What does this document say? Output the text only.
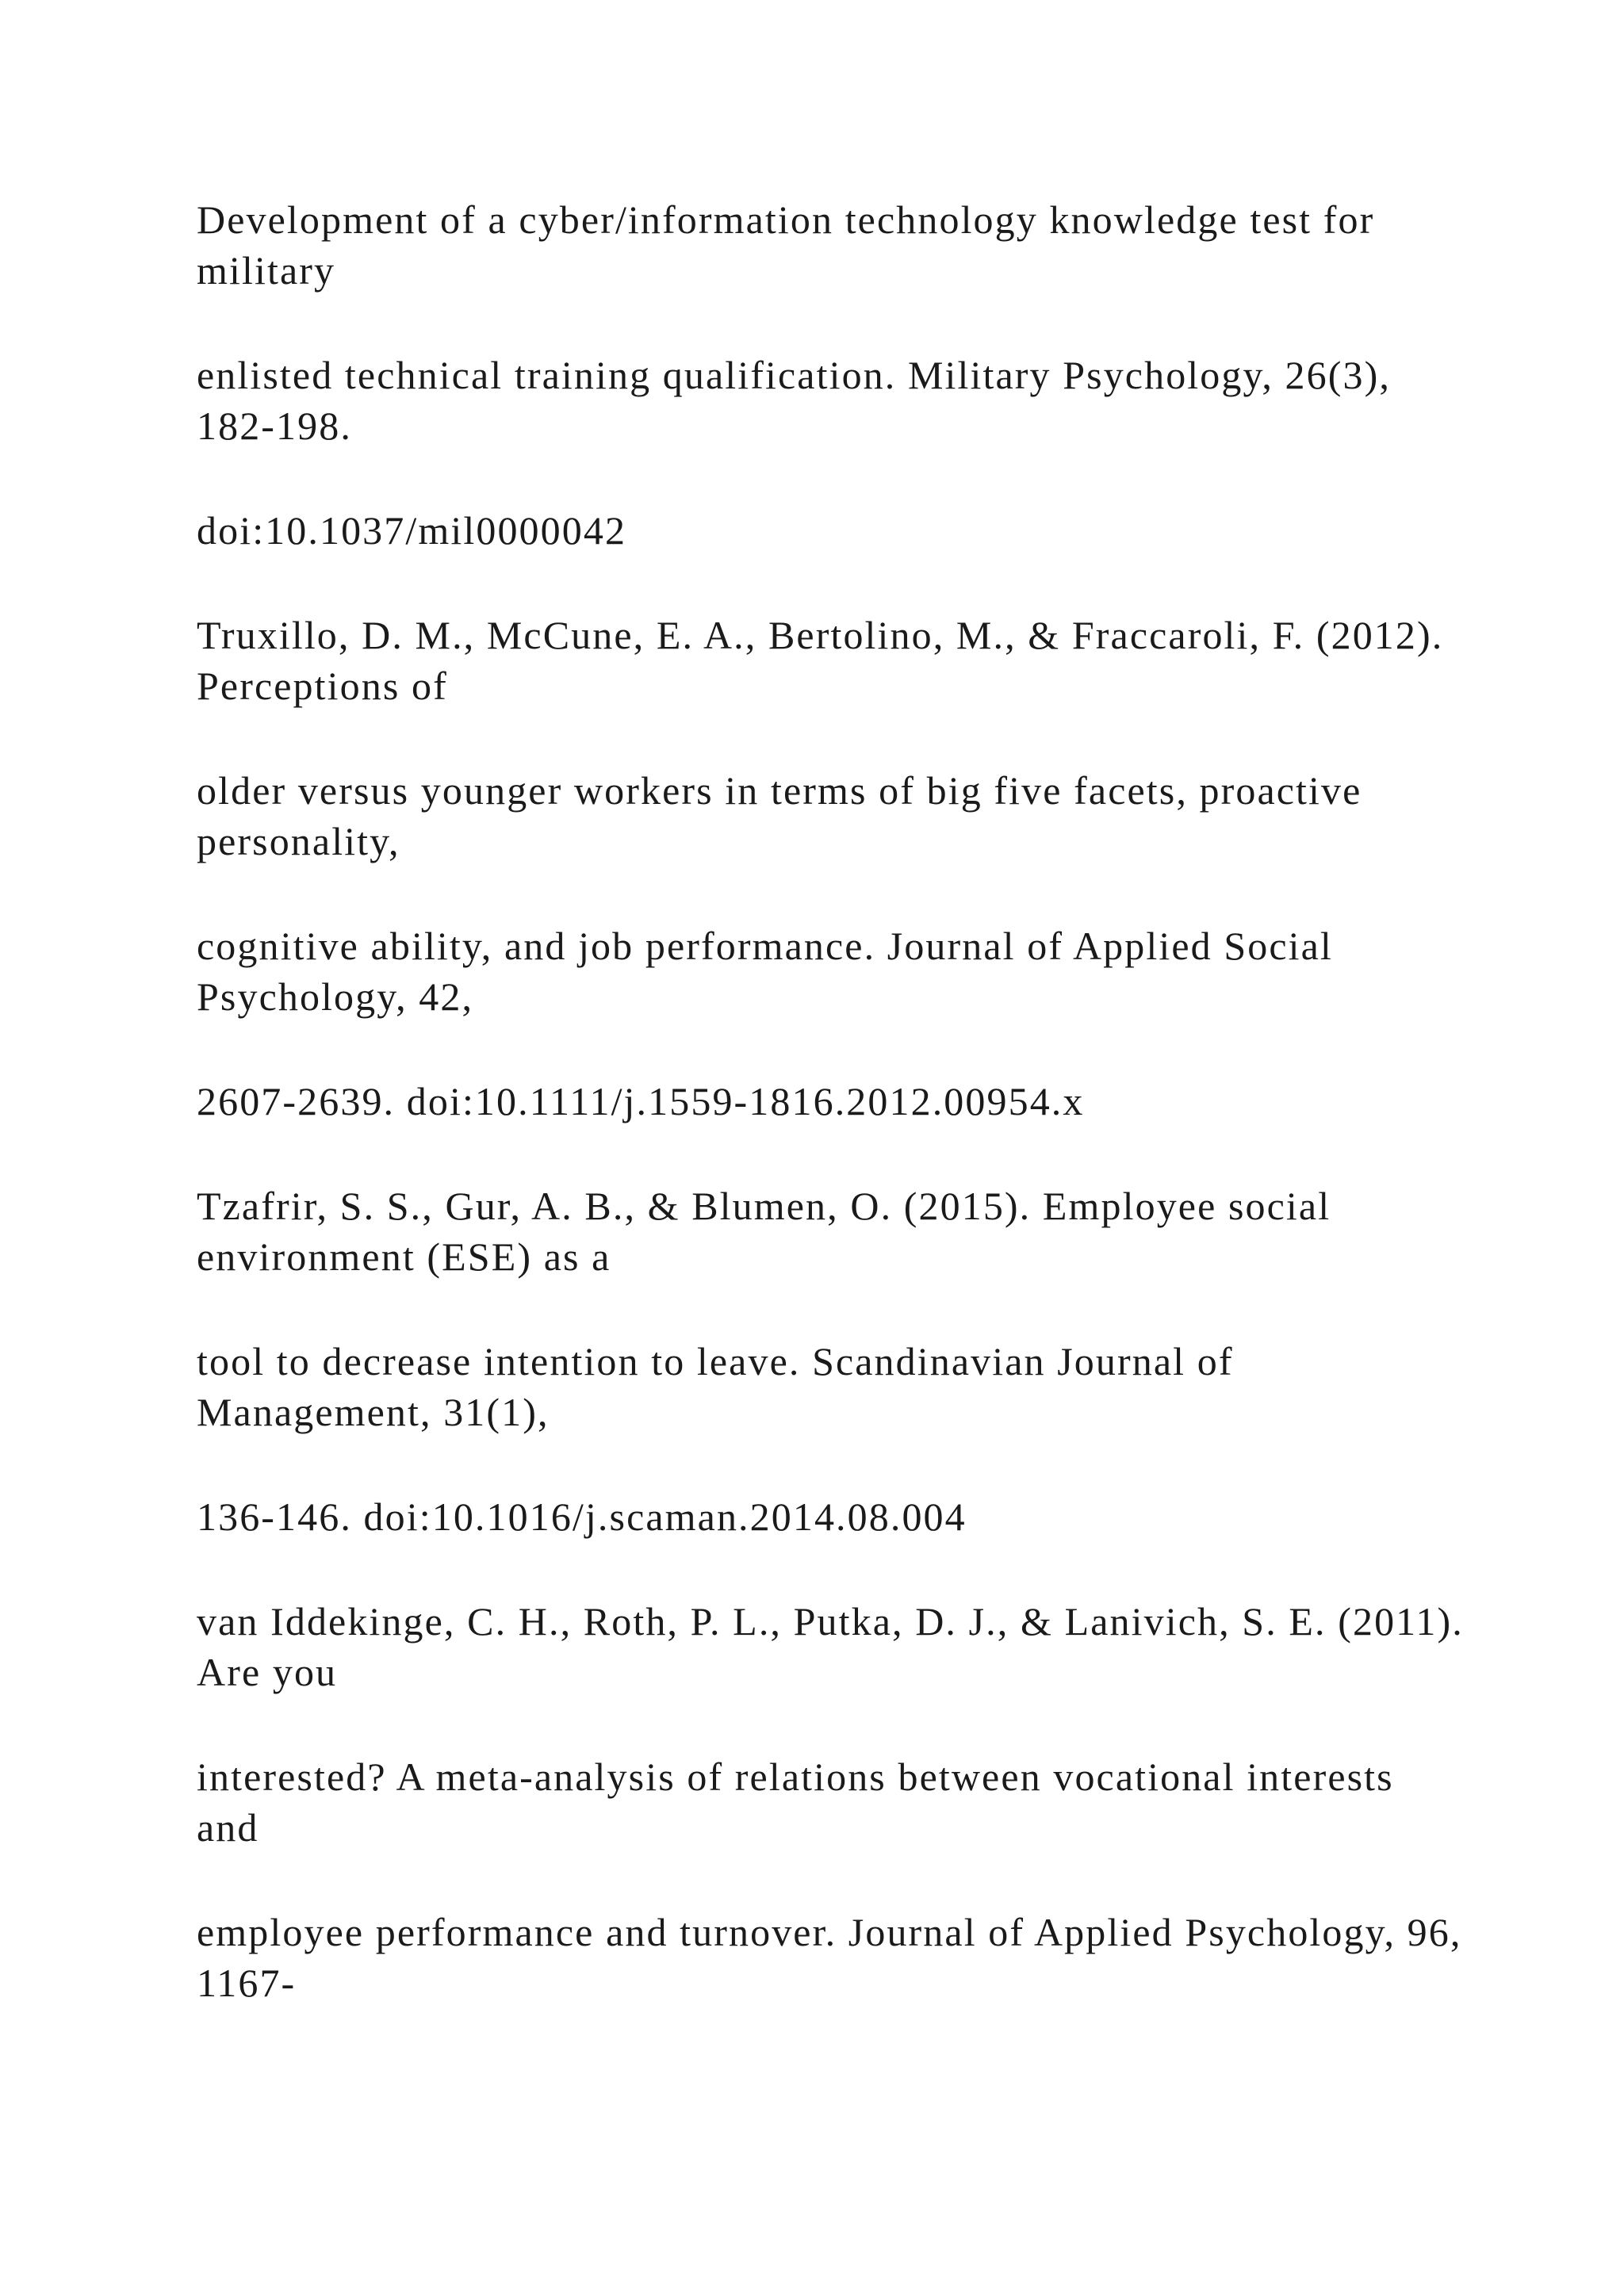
Development of a cyber/information technology knowledge test for military

enlisted technical training qualification. Military Psychology, 26(3), 182-198.

doi:10.1037/mil0000042

Truxillo, D. M., McCune, E. A., Bertolino, M., & Fraccaroli, F. (2012). Perceptions of

older versus younger workers in terms of big five facets, proactive personality,

cognitive ability, and job performance. Journal of Applied Social Psychology, 42,

2607-2639. doi:10.1111/j.1559-1816.2012.00954.x

Tzafrir, S. S., Gur, A. B., & Blumen, O. (2015). Employee social environment (ESE) as a

tool to decrease intention to leave. Scandinavian Journal of Management, 31(1),

136-146. doi:10.1016/j.scaman.2014.08.004

van Iddekinge, C. H., Roth, P. L., Putka, D. J., & Lanivich, S. E. (2011). Are you

interested? A meta-analysis of relations between vocational interests and

employee performance and turnover. Journal of Applied Psychology, 96, 1167-
